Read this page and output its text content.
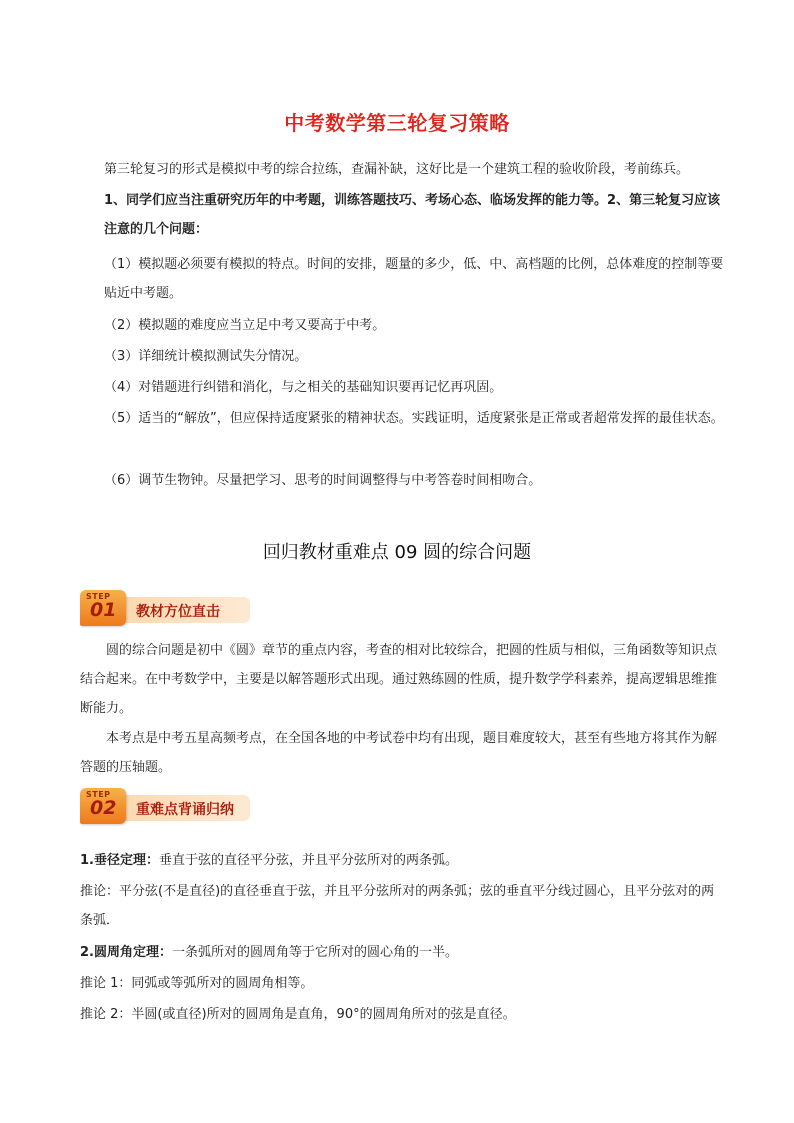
中考数学第三轮复习策略

第三轮复习的形式是模拟中考的综合拉练，查漏补缺，这好比是一个建筑工程的验收阶段，考前练兵。

1、同学们应当注重研究历年的中考题，训练答题技巧、考场心态、临场发挥的能力等。2、第三轮复习应该注意的几个问题：

（1）模拟题必须要有模拟的特点。时间的安排，题量的多少，低、中、高档题的比例，总体难度的控制等要贴近中考题。

（2）模拟题的难度应当立足中考又要高于中考。

（3）详细统计模拟测试失分情况。

（4）对错题进行纠错和消化，与之相关的基础知识要再记忆再巩固。

（5）适当的“解放”，但应保持适度紧张的精神状态。实践证明，适度紧张是正常或者超常发挥的最佳状态。

（6）调节生物钟。尽量把学习、思考的时间调整得与中考答卷时间相吻合。

回归教材重难点 09 圆的综合问题
教材方位直击
STEP
01

圆的综合问题是初中《圆》章节的重点内容，考查的相对比较综合，把圆的性质与相似，三角函数等知识点结合起来。在中考数学中，主要是以解答题形式出现。通过熟练圆的性质，提升数学学科素养，提高逻辑思维推断能力。

本考点是中考五星高频考点，在全国各地的中考试卷中均有出现，题目难度较大，甚至有些地方将其作为解答题的压轴题。

重难点背诵归纳
STEP
02

1.垂径定理：垂直于弦的直径平分弦，并且平分弦所对的两条弧。

推论：平分弦(不是直径)的直径垂直于弦，并且平分弦所对的两条弧；弦的垂直平分线过圆心，且平分弦对的两条弧．

2.圆周角定理：一条弧所对的圆周角等于它所对的圆心角的一半。

推论 1：同弧或等弧所对的圆周角相等。

推论 2：半圆(或直径)所对的圆周角是直角，90°的圆周角所对的弦是直径。
